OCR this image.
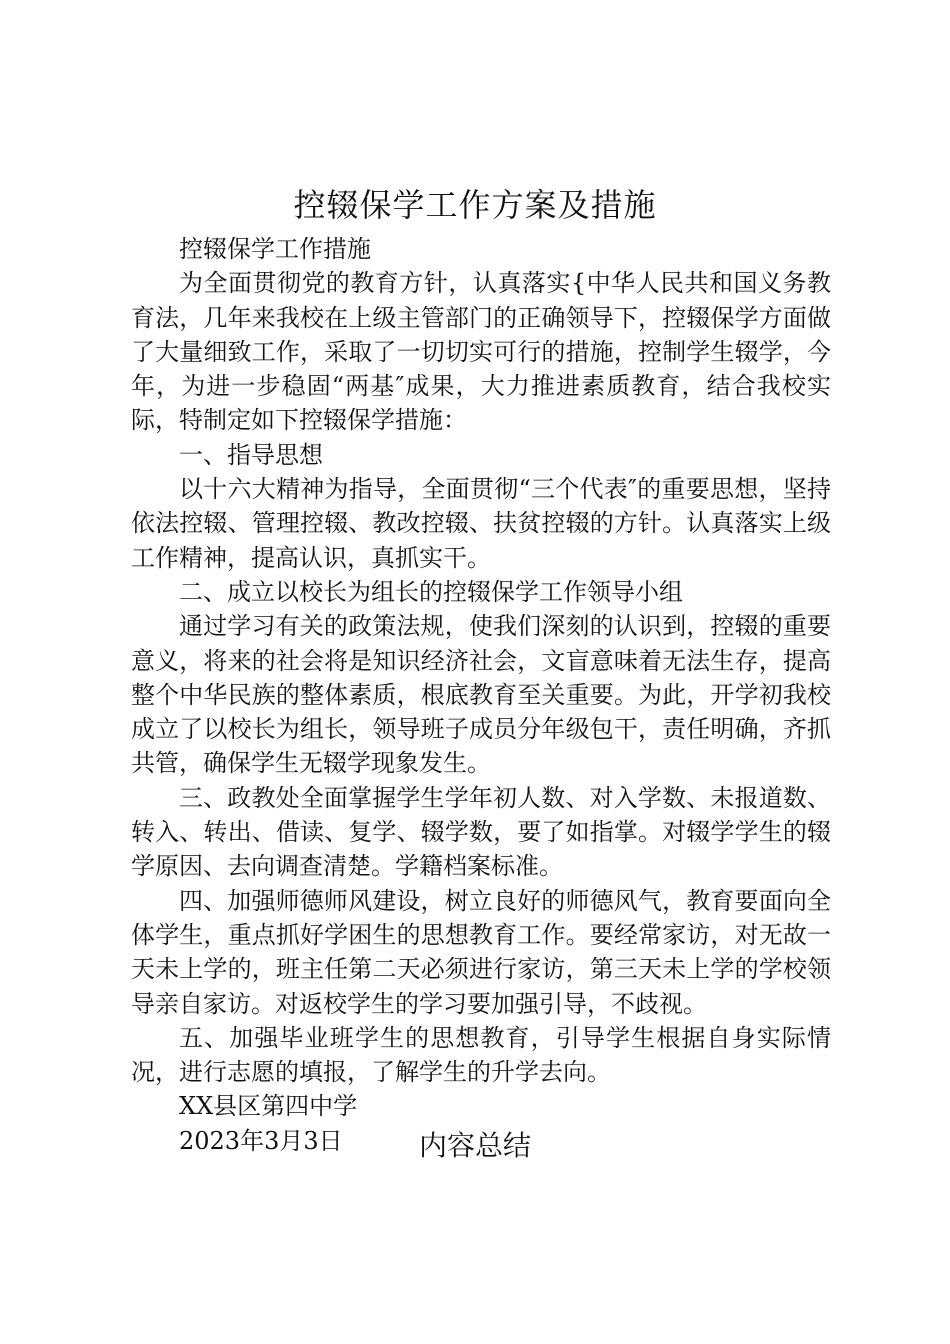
控辍保学工作方案及措施

控辍保学工作措施

为全面贯彻党的教育方针，认真落实{中华人民共和国义务教育法，几年来我校在上级主管部门的正确领导下，控辍保学方面做了大量细致工作，采取了一切切实可行的措施，控制学生辍学，今年，为进一步稳固“两基″成果，大力推进素质教育，结合我校实际，特制定如下控辍保学措施：

一、指导思想

以十六大精神为指导，全面贯彻“三个代表″的重要思想，坚持依法控辍、管理控辍、教改控辍、扶贫控辍的方针。认真落实上级工作精神，提高认识，真抓实干。

二、成立以校长为组长的控辍保学工作领导小组

通过学习有关的政策法规，使我们深刻的认识到，控辍的重要意义，将来的社会将是知识经济社会，文盲意味着无法生存，提高整个中华民族的整体素质，根底教育至关重要。为此，开学初我校成立了以校长为组长，领导班子成员分年级包干，责任明确，齐抓共管，确保学生无辍学现象发生。

三、政教处全面掌握学生学年初人数、对入学数、未报道数、转入、转出、借读、复学、辍学数，要了如指掌。对辍学学生的辍学原因、去向调查清楚。学籍档案标准。

四、加强师德师风建设，树立良好的师德风气，教育要面向全体学生，重点抓好学困生的思想教育工作。要经常家访，对无故一天未上学的，班主任第二天必须进行家访，第三天未上学的学校领导亲自家访。对返校学生的学习要加强引导，不歧视。

五、加强毕业班学生的思想教育，引导学生根据自身实际情况，进行志愿的填报，了解学生的升学去向。

XX县区第四中学

2023年3月3日	内容总结
